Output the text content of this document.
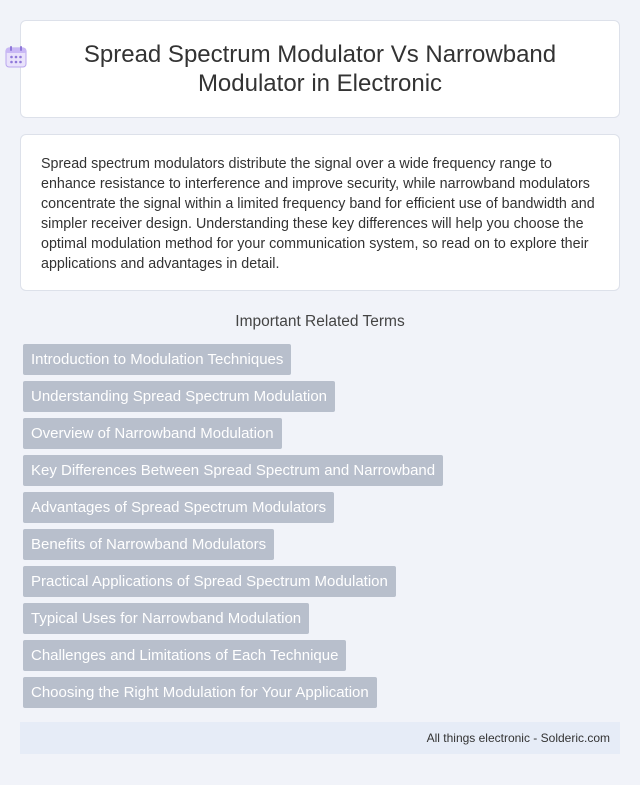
Spread Spectrum Modulator Vs Narrowband Modulator in Electronic

Spread spectrum modulators distribute the signal over a wide frequency range to enhance resistance to interference and improve security, while narrowband modulators concentrate the signal within a limited frequency band for efficient use of bandwidth and simpler receiver design. Understanding these key differences will help you choose the optimal modulation method for your communication system, so read on to explore their applications and advantages in detail.

Important Related Terms
Introduction to Modulation Techniques
Understanding Spread Spectrum Modulation
Overview of Narrowband Modulation
Key Differences Between Spread Spectrum and Narrowband
Advantages of Spread Spectrum Modulators
Benefits of Narrowband Modulators
Practical Applications of Spread Spectrum Modulation
Typical Uses for Narrowband Modulation
Challenges and Limitations of Each Technique
Choosing the Right Modulation for Your Application
All things electronic - Solderic.com
